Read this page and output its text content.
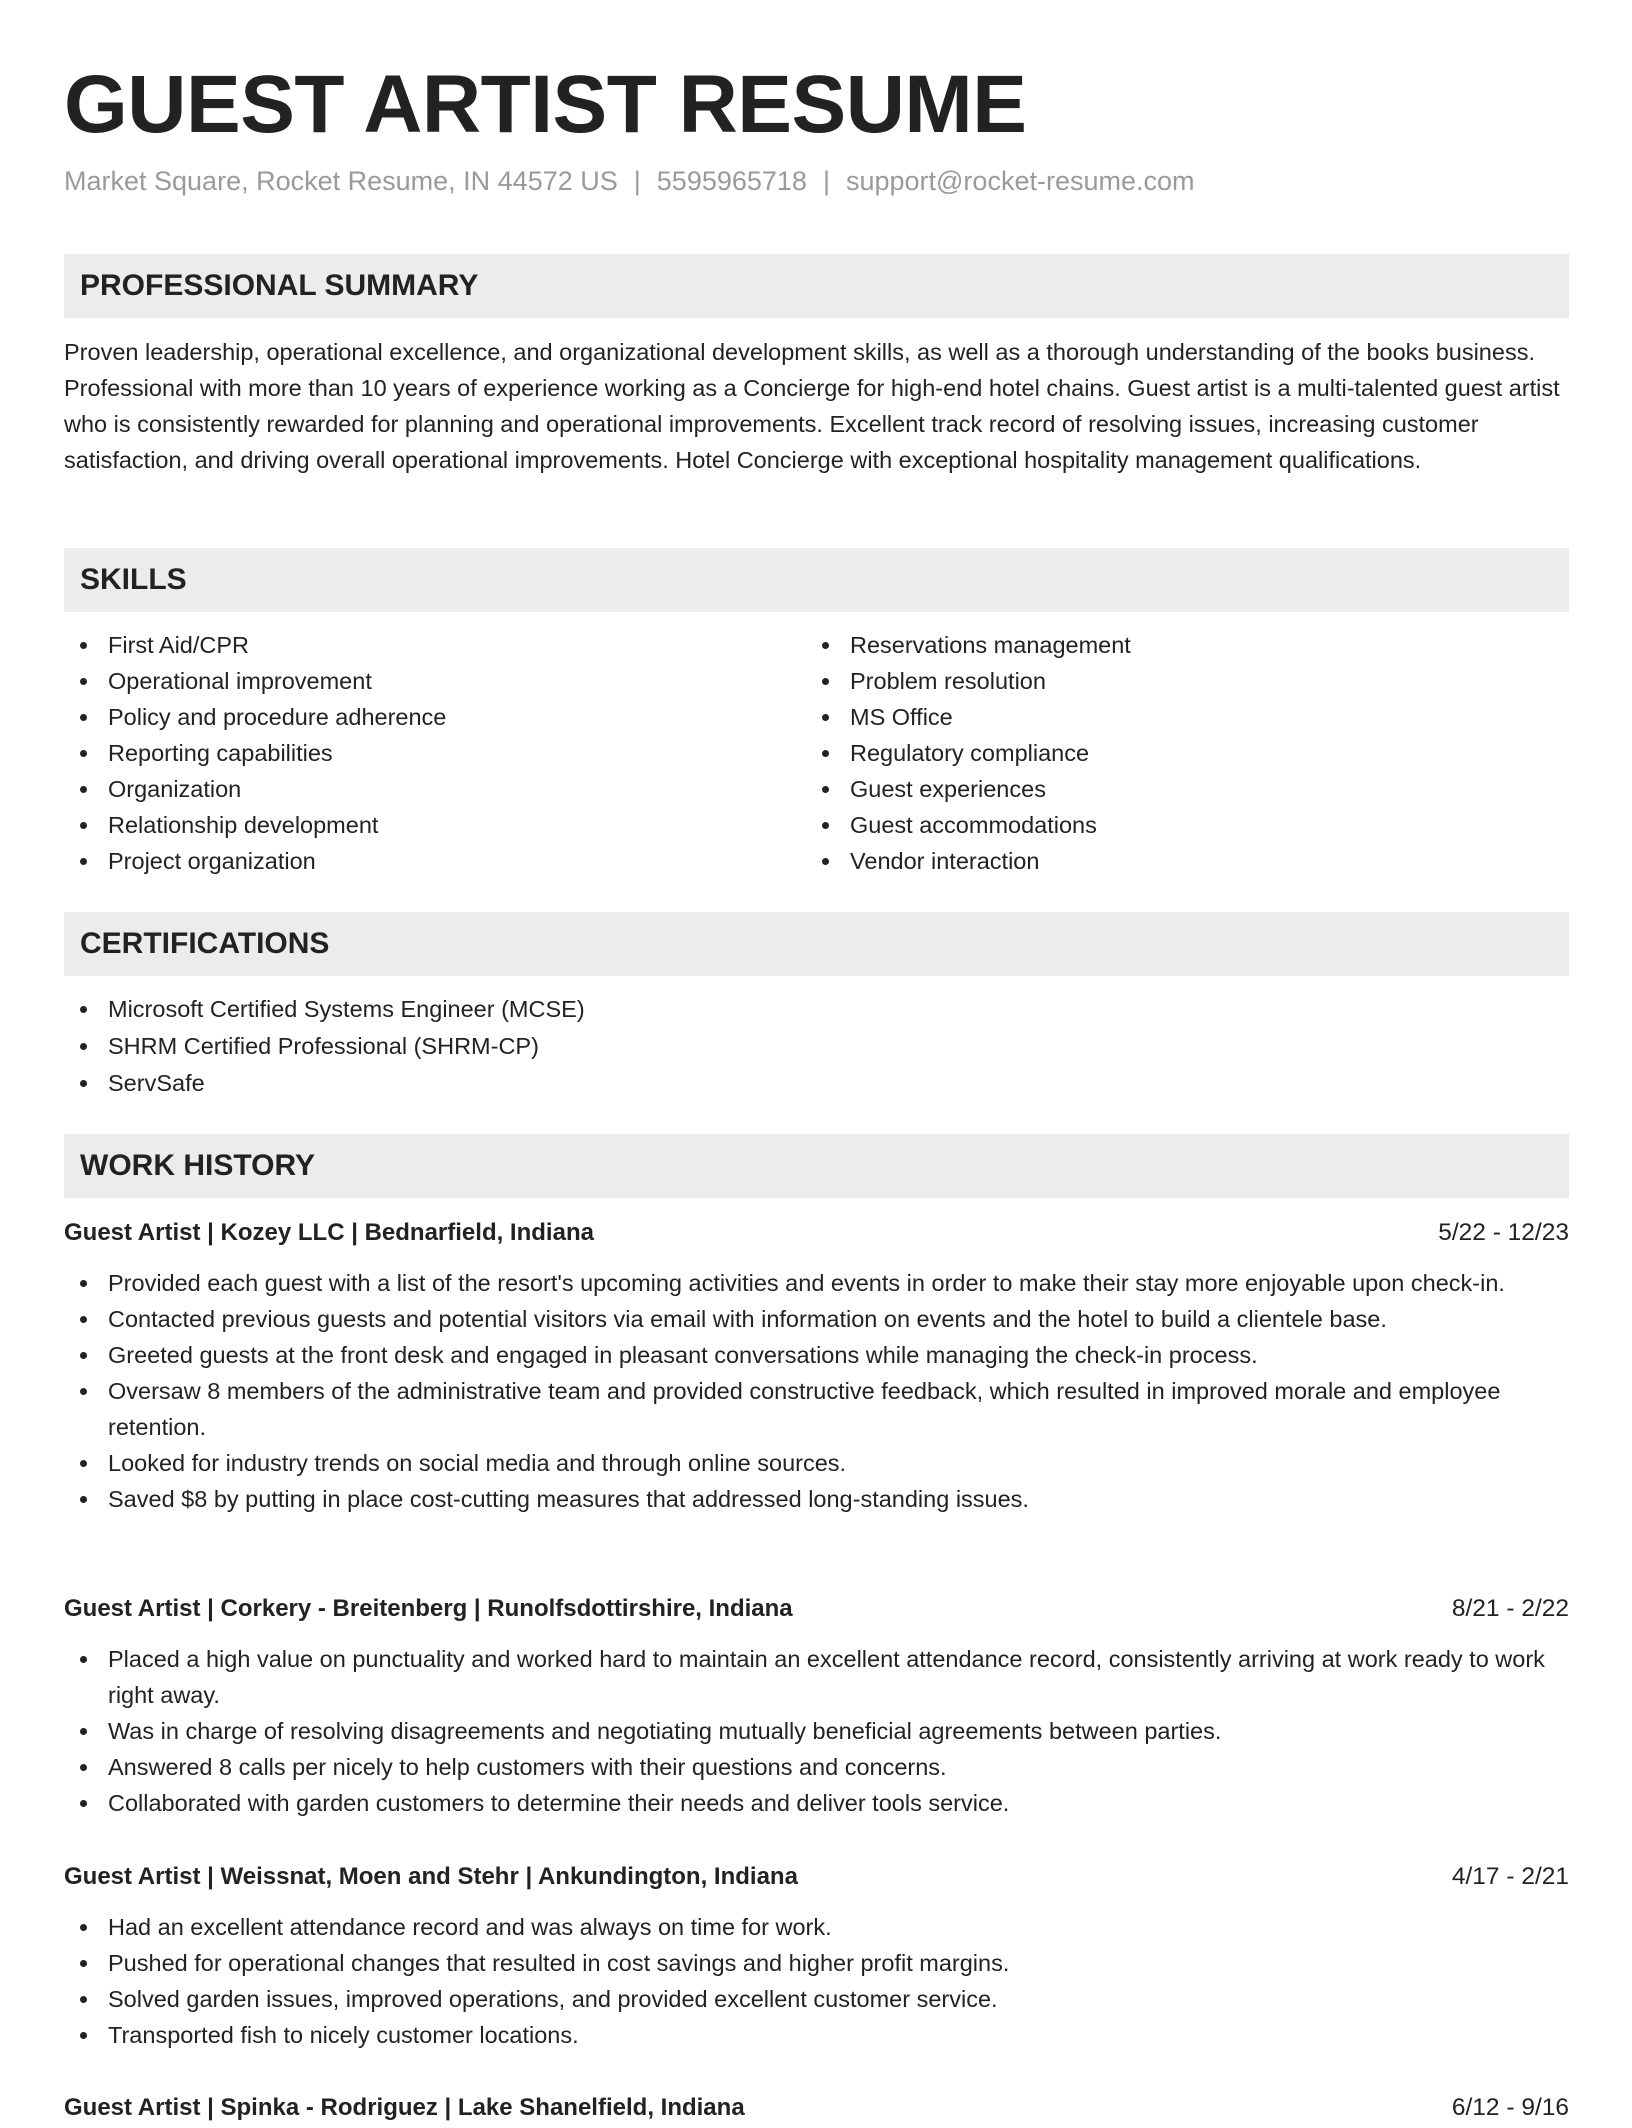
GUEST ARTIST RESUME
Market Square, Rocket Resume, IN 44572 US | 5595965718 | support@rocket-resume.com
PROFESSIONAL SUMMARY

Proven leadership, operational excellence, and organizational development skills, as well as a thorough understanding of the books business. Professional with more than 10 years of experience working as a Concierge for high-end hotel chains. Guest artist is a multi-talented guest artist who is consistently rewarded for planning and operational improvements. Excellent track record of resolving issues, increasing customer satisfaction, and driving overall operational improvements. Hotel Concierge with exceptional hospitality management qualifications.

SKILLS
First Aid/CPR
Operational improvement
Policy and procedure adherence
Reporting capabilities
Organization
Relationship development
Project organization
Reservations management
Problem resolution
MS Office
Regulatory compliance
Guest experiences
Guest accommodations
Vendor interaction
CERTIFICATIONS
Microsoft Certified Systems Engineer (MCSE)
SHRM Certified Professional (SHRM-CP)
ServSafe
WORK HISTORY
Guest Artist | Kozey LLC | Bednarfield, Indiana	5/22 - 12/23
Provided each guest with a list of the resort's upcoming activities and events in order to make their stay more enjoyable upon check-in.
Contacted previous guests and potential visitors via email with information on events and the hotel to build a clientele base.
Greeted guests at the front desk and engaged in pleasant conversations while managing the check-in process.
Oversaw 8 members of the administrative team and provided constructive feedback, which resulted in improved morale and employee retention.
Looked for industry trends on social media and through online sources.
Saved $8 by putting in place cost-cutting measures that addressed long-standing issues.
Guest Artist | Corkery - Breitenberg | Runolfsdottirshire, Indiana	8/21 - 2/22
Placed a high value on punctuality and worked hard to maintain an excellent attendance record, consistently arriving at work ready to work right away.
Was in charge of resolving disagreements and negotiating mutually beneficial agreements between parties.
Answered 8 calls per nicely to help customers with their questions and concerns.
Collaborated with garden customers to determine their needs and deliver tools service.
Guest Artist | Weissnat, Moen and Stehr | Ankundington, Indiana	4/17 - 2/21
Had an excellent attendance record and was always on time for work.
Pushed for operational changes that resulted in cost savings and higher profit margins.
Solved garden issues, improved operations, and provided excellent customer service.
Transported fish to nicely customer locations.
Guest Artist | Spinka - Rodriguez | Lake Shanelfield, Indiana	6/12 - 9/16
